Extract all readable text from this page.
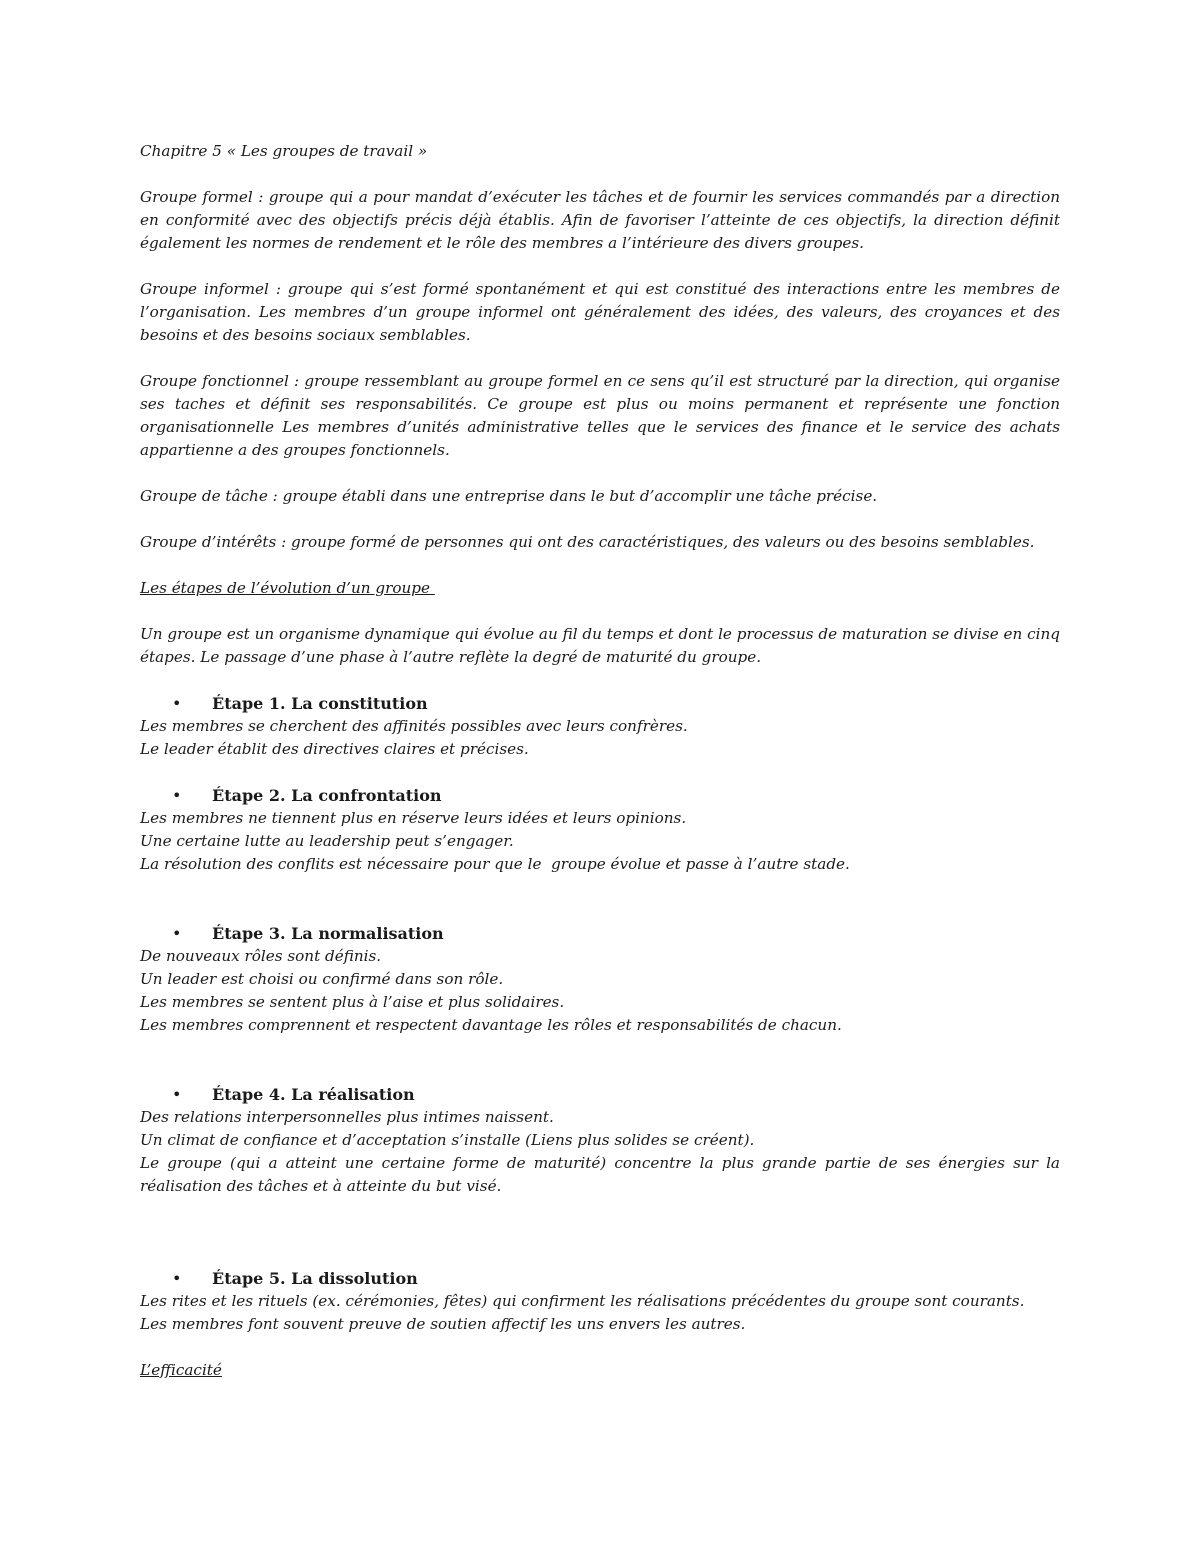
Chapitre 5 « Les groupes de travail »

Groupe formel : groupe qui a pour mandat d’exécuter les tâches et de fournir les services commandés par a direction en conformité avec des objectifs précis déjà établis. Afin de favoriser l’atteinte de ces objectifs, la direction définit également les normes de rendement et le rôle des membres a l’intérieure des divers groupes.

Groupe informel : groupe qui s’est formé spontanément et qui est constitué des interactions entre les membres de l’organisation. Les membres d’un groupe informel ont généralement des idées, des valeurs, des croyances et des besoins et des besoins sociaux semblables.

Groupe fonctionnel : groupe ressemblant au groupe formel en ce sens qu’il est structuré par la direction, qui organise ses taches et définit ses responsabilités. Ce groupe est plus ou moins permanent et représente une fonction organisationnelle Les membres d’unités administrative telles que le services des finance et le service des achats appartienne a des groupes fonctionnels.

Groupe de tâche : groupe établi dans une entreprise dans le but d’accomplir une tâche précise.

Groupe d’intérêts : groupe formé de personnes qui ont des caractéristiques, des valeurs ou des besoins semblables.

Les étapes de l’évolution d’un groupe

Un groupe est un organisme dynamique qui évolue au fil du temps et dont le processus de maturation se divise en cinq étapes. Le passage d’une phase à l’autre reflète la degré de maturité du groupe.

• Étape 1. La constitution

Les membres se cherchent des affinités possibles avec leurs confrères.

Le leader établit des directives claires et précises.

• Étape 2. La confrontation

Les membres ne tiennent plus en réserve leurs idées et leurs opinions.

Une certaine lutte au leadership peut s’engager.

La résolution des conflits est nécessaire pour que le  groupe évolue et passe à l’autre stade.

• Étape 3. La normalisation

De nouveaux rôles sont définis.

Un leader est choisi ou confirmé dans son rôle.

Les membres se sentent plus à l’aise et plus solidaires.

Les membres comprennent et respectent davantage les rôles et responsabilités de chacun.

• Étape 4. La réalisation

Des relations interpersonnelles plus intimes naissent.

Un climat de confiance et d’acceptation s’installe (Liens plus solides se créent).

Le groupe (qui a atteint une certaine forme de maturité) concentre la plus grande partie de ses énergies sur la réalisation des tâches et à atteinte du but visé.

• Étape 5. La dissolution

Les rites et les rituels (ex. cérémonies, fêtes) qui confirment les réalisations précédentes du groupe sont courants.

Les membres font souvent preuve de soutien affectif les uns envers les autres.

L’efficacité
